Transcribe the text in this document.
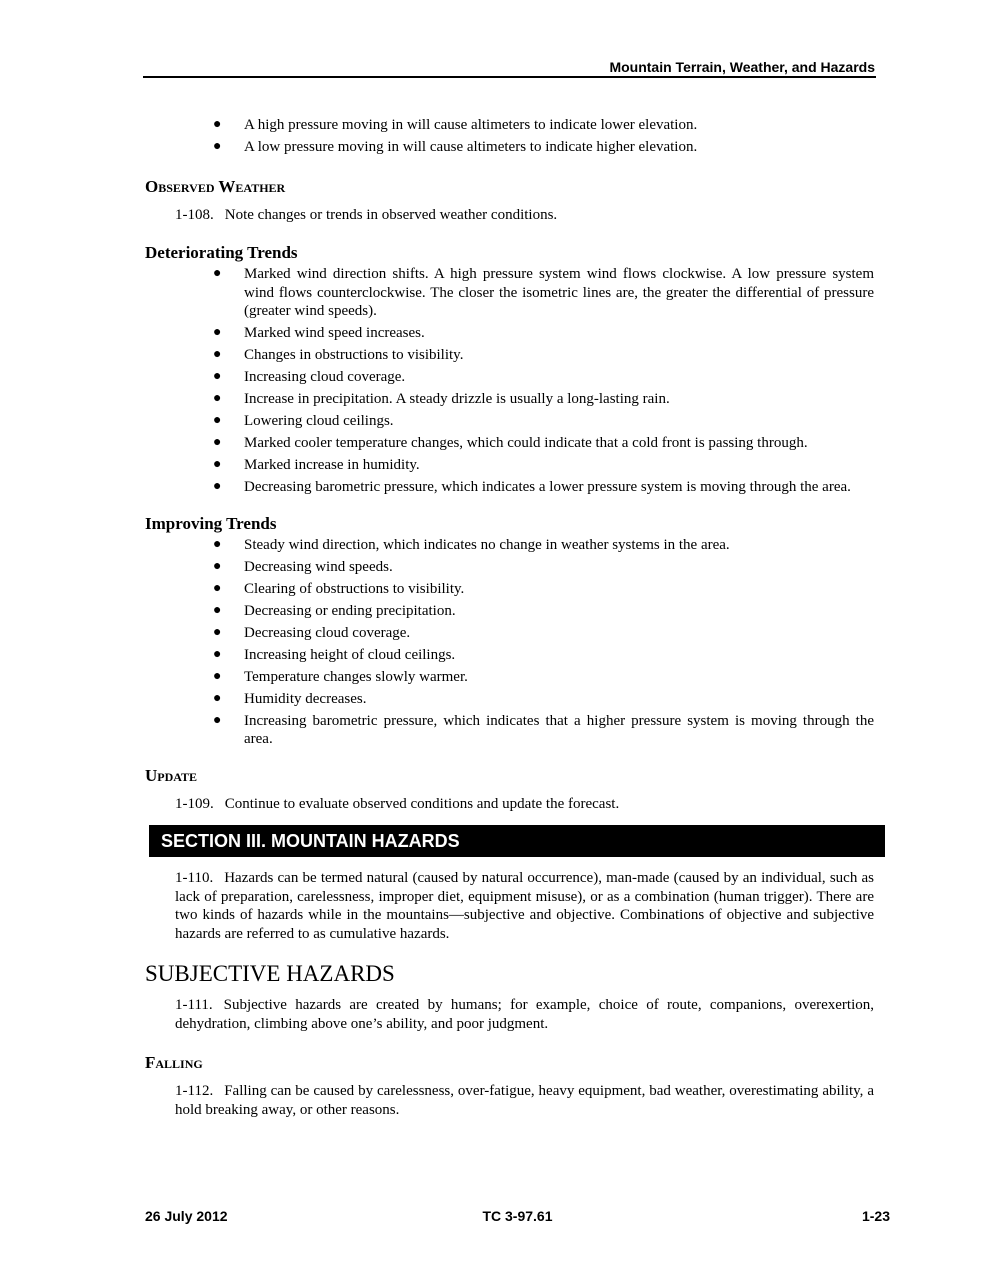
Mountain Terrain, Weather, and Hazards
● A high pressure moving in will cause altimeters to indicate lower elevation.
● A low pressure moving in will cause altimeters to indicate higher elevation.
Observed Weather

1-108. Note changes or trends in observed weather conditions.

Deteriorating Trends
● Marked wind direction shifts. A high pressure system wind flows clockwise. A low pressure system wind flows counterclockwise. The closer the isometric lines are, the greater the differential of pressure (greater wind speeds).
● Marked wind speed increases.
● Changes in obstructions to visibility.
● Increasing cloud coverage.
● Increase in precipitation. A steady drizzle is usually a long-lasting rain.
● Lowering cloud ceilings.
● Marked cooler temperature changes, which could indicate that a cold front is passing through.
● Marked increase in humidity.
● Decreasing barometric pressure, which indicates a lower pressure system is moving through the area.
Improving Trends
● Steady wind direction, which indicates no change in weather systems in the area.
● Decreasing wind speeds.
● Clearing of obstructions to visibility.
● Decreasing or ending precipitation.
● Decreasing cloud coverage.
● Increasing height of cloud ceilings.
● Temperature changes slowly warmer.
● Humidity decreases.
● Increasing barometric pressure, which indicates that a higher pressure system is moving through the area.
Update

1-109. Continue to evaluate observed conditions and update the forecast.

SECTION III. MOUNTAIN HAZARDS

1-110. Hazards can be termed natural (caused by natural occurrence), man-made (caused by an individual, such as lack of preparation, carelessness, improper diet, equipment misuse), or as a combination (human trigger). There are two kinds of hazards while in the mountains—subjective and objective. Combinations of objective and subjective hazards are referred to as cumulative hazards.

SUBJECTIVE HAZARDS

1-111. Subjective hazards are created by humans; for example, choice of route, companions, overexertion, dehydration, climbing above one’s ability, and poor judgment.

Falling

1-112. Falling can be caused by carelessness, over-fatigue, heavy equipment, bad weather, overestimating ability, a hold breaking away, or other reasons.

26 July 2012	TC 3-97.61	1-23
